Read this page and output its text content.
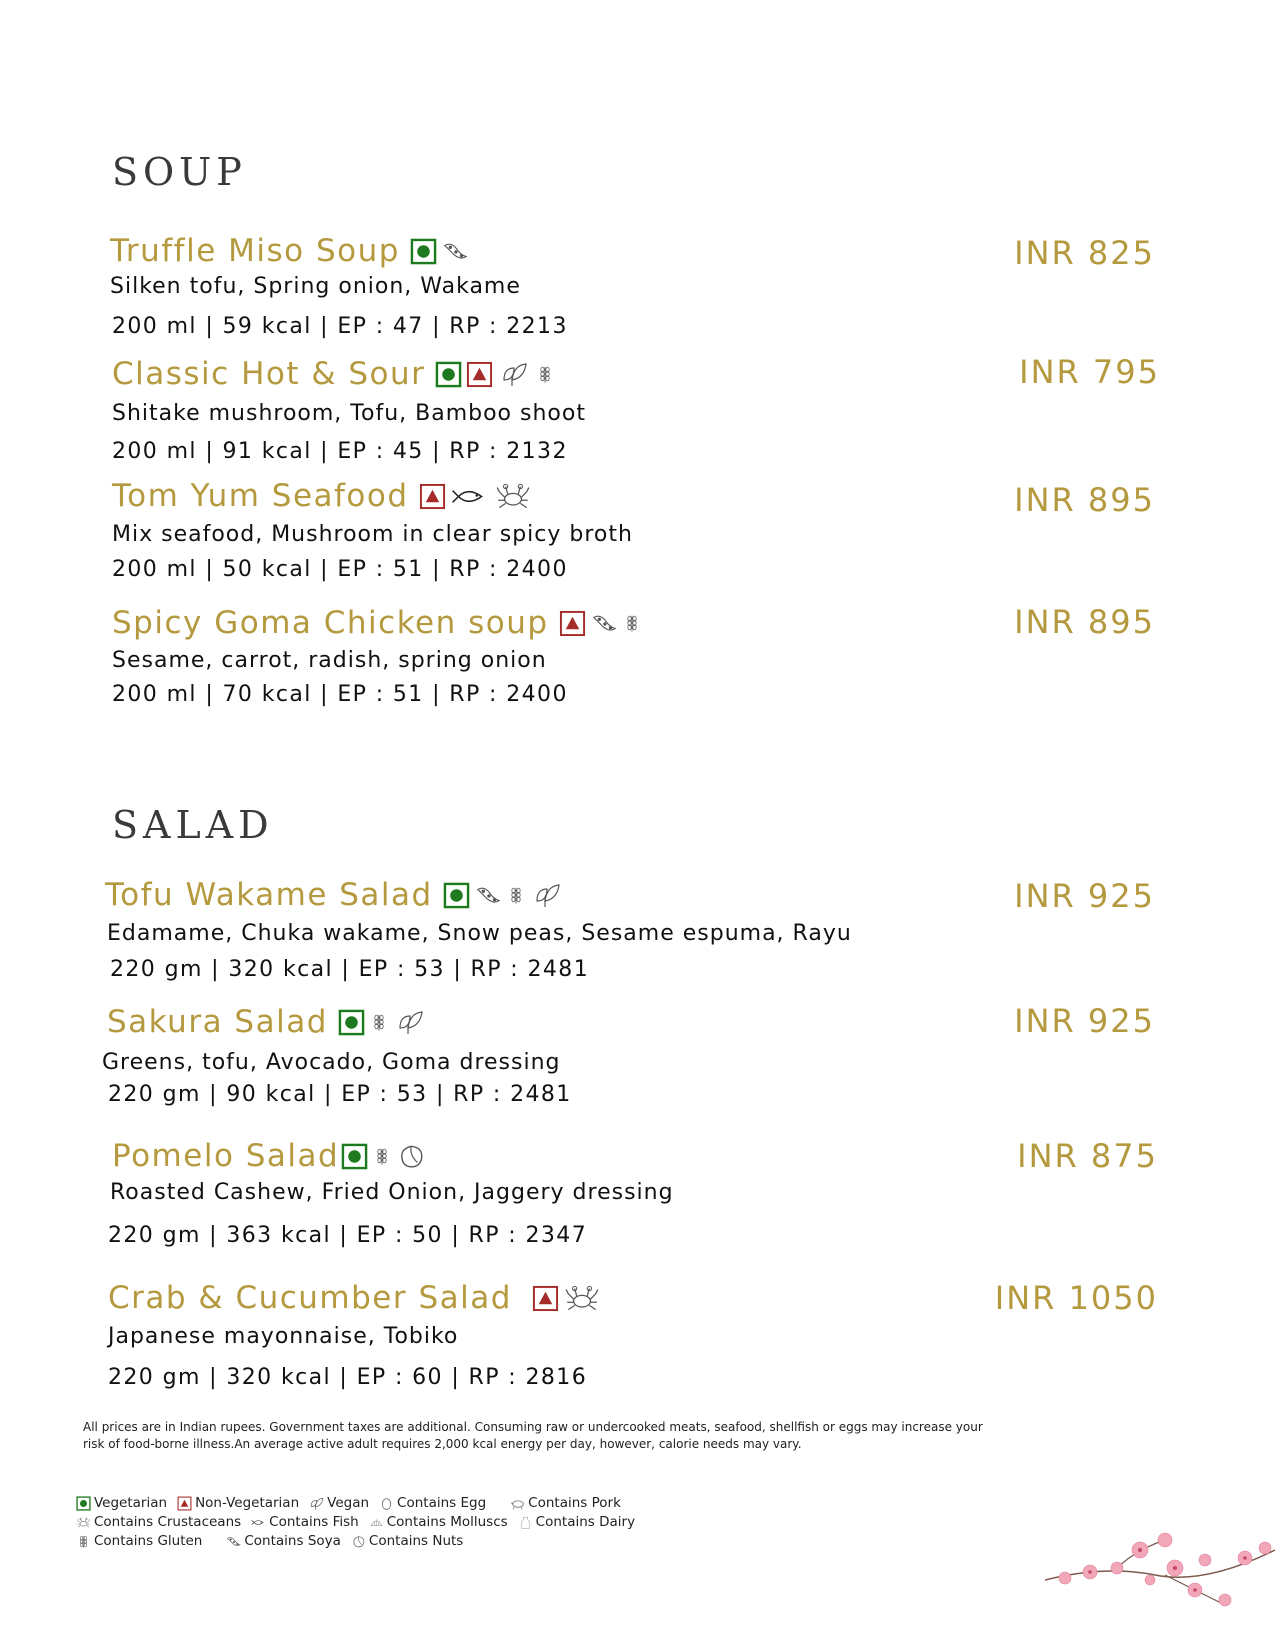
SOUP
Truffle Miso Soup	INR 825
Silken tofu, Spring onion, Wakame
200 ml | 59 kcal | EP : 47 | RP : 2213
Classic Hot & Sour	INR 795
Shitake mushroom, Tofu, Bamboo shoot
200 ml | 91 kcal | EP : 45 | RP : 2132
Tom Yum Seafood	INR 895
Mix seafood, Mushroom in clear spicy broth
200 ml | 50 kcal | EP : 51 | RP : 2400
Spicy Goma Chicken soup	INR 895
Sesame, carrot, radish, spring onion
200 ml | 70 kcal | EP : 51 | RP : 2400
SALAD
Tofu Wakame Salad	INR 925
Edamame, Chuka wakame, Snow peas, Sesame espuma, Rayu
220 gm | 320 kcal | EP : 53 | RP : 2481
Sakura Salad	INR 925
Greens, tofu, Avocado, Goma dressing
220 gm | 90 kcal | EP : 53 | RP : 2481
Pomelo Salad	INR 875
Roasted Cashew, Fried Onion, Jaggery dressing
220 gm | 363 kcal | EP : 50 | RP : 2347
Crab & Cucumber Salad	INR 1050
Japanese mayonnaise, Tobiko
220 gm | 320 kcal | EP : 60 | RP : 2816
All prices are in Indian rupees. Government taxes are additional. Consuming raw or undercooked meats, seafood, shellfish or eggs may increase your risk of food-borne illness.An average active adult requires 2,000 kcal energy per day, however, calorie needs may vary.
Vegetarian Non-Vegetarian Vegan Contains Egg	Contains Pork
Contains Crustaceans Contains Fish Contains Molluscs Contains Dairy
Contains Gluten	Contains Soya Contains Nuts
